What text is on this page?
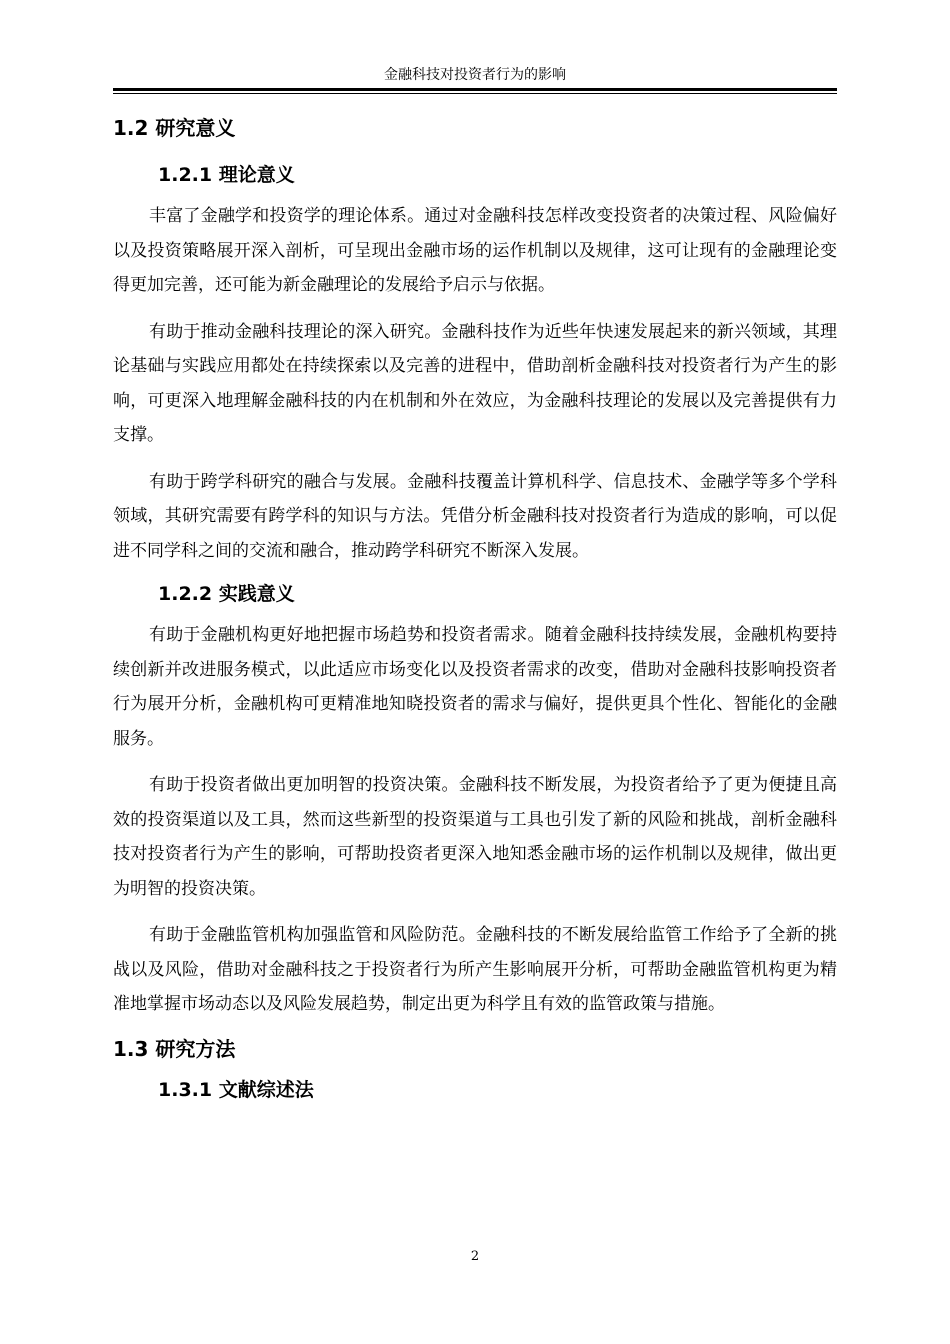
金融科技对投资者行为的影响
1.2 研究意义
1.2.1 理论意义

丰富了金融学和投资学的理论体系。通过对金融科技怎样改变投资者的决策过程、风险偏好以及投资策略展开深入剖析，可呈现出金融市场的运作机制以及规律，这可让现有的金融理论变得更加完善，还可能为新金融理论的发展给予启示与依据。

有助于推动金融科技理论的深入研究。金融科技作为近些年快速发展起来的新兴领域，其理论基础与实践应用都处在持续探索以及完善的进程中，借助剖析金融科技对投资者行为产生的影响，可更深入地理解金融科技的内在机制和外在效应，为金融科技理论的发展以及完善提供有力支撑。

有助于跨学科研究的融合与发展。金融科技覆盖计算机科学、信息技术、金融学等多个学科领域，其研究需要有跨学科的知识与方法。凭借分析金融科技对投资者行为造成的影响，可以促进不同学科之间的交流和融合，推动跨学科研究不断深入发展。

1.2.2 实践意义

有助于金融机构更好地把握市场趋势和投资者需求。随着金融科技持续发展，金融机构要持续创新并改进服务模式，以此适应市场变化以及投资者需求的改变，借助对金融科技影响投资者行为展开分析，金融机构可更精准地知晓投资者的需求与偏好，提供更具个性化、智能化的金融服务。

有助于投资者做出更加明智的投资决策。金融科技不断发展，为投资者给予了更为便捷且高效的投资渠道以及工具，然而这些新型的投资渠道与工具也引发了新的风险和挑战，剖析金融科技对投资者行为产生的影响，可帮助投资者更深入地知悉金融市场的运作机制以及规律，做出更为明智的投资决策。

有助于金融监管机构加强监管和风险防范。金融科技的不断发展给监管工作给予了全新的挑战以及风险，借助对金融科技之于投资者行为所产生影响展开分析，可帮助金融监管机构更为精准地掌握市场动态以及风险发展趋势，制定出更为科学且有效的监管政策与措施。

1.3 研究方法
1.3.1 文献综述法
2
